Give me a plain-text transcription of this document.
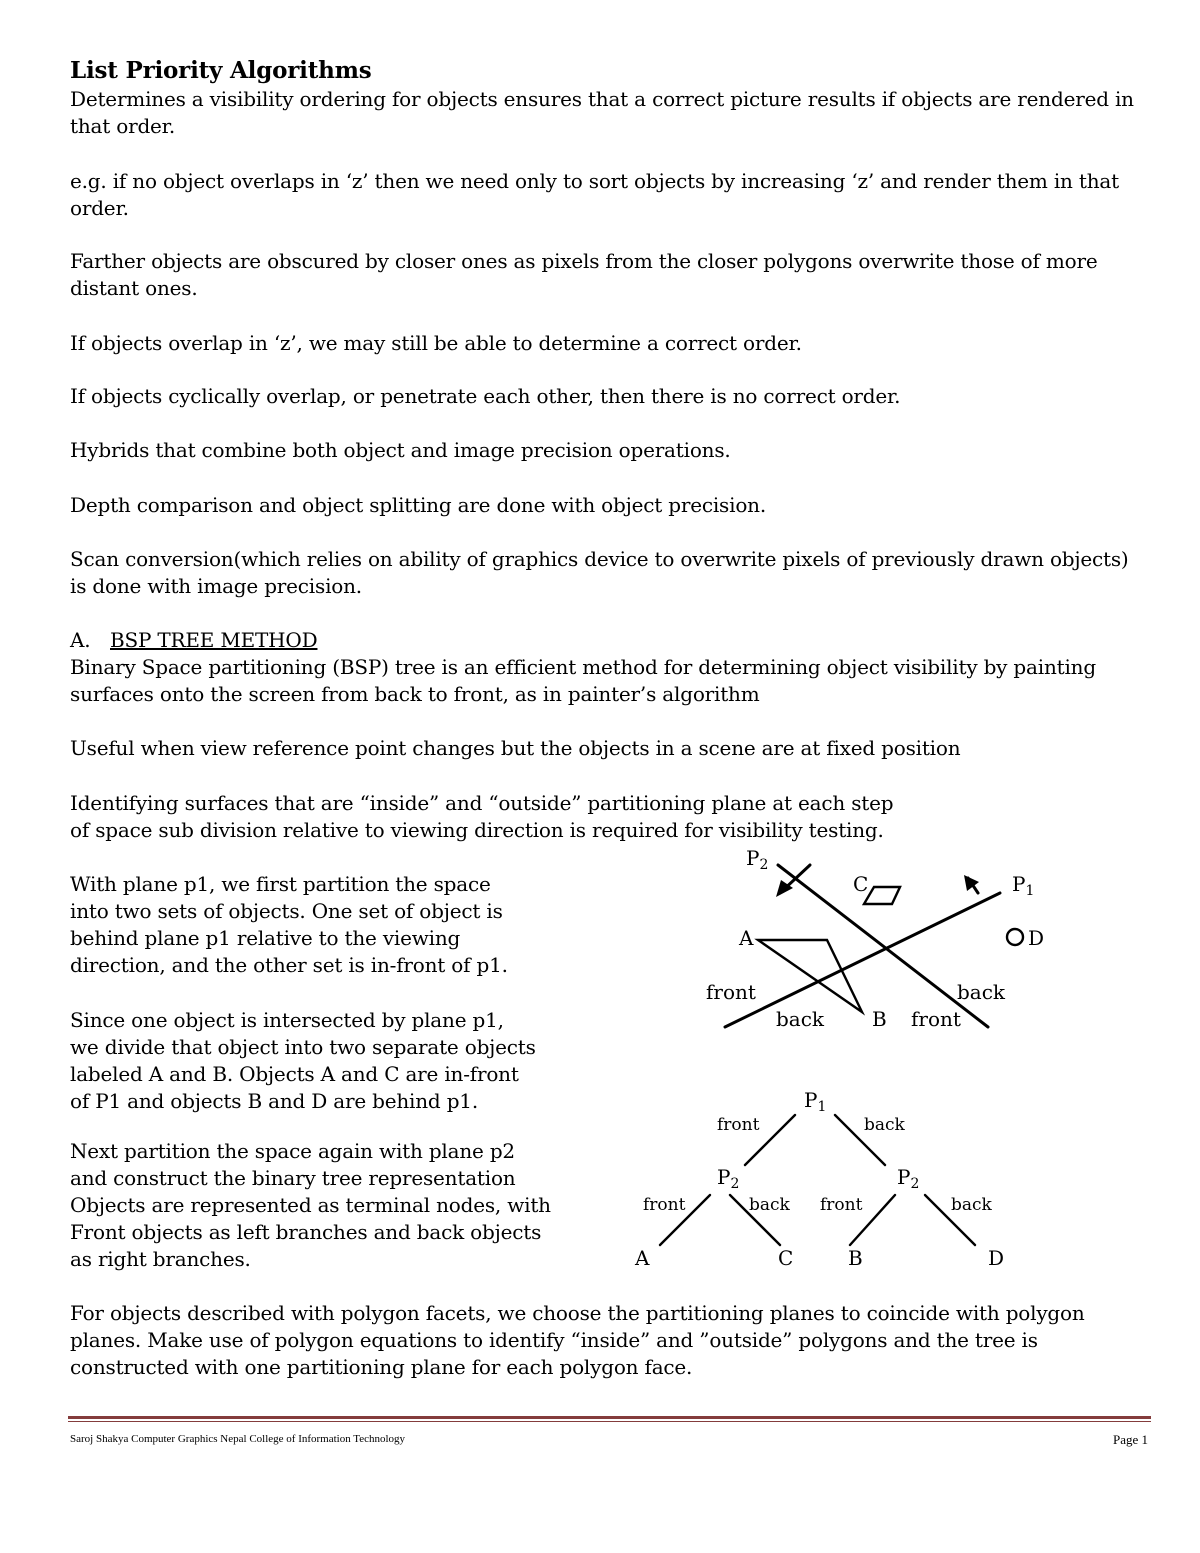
List Priority Algorithms
Determines a visibility ordering for objects ensures that a correct picture results if objects are rendered in
that order.
e.g. if no object overlaps in ‘z’ then we need only to sort objects by increasing ‘z’ and render them in that
order.
Farther objects are obscured by closer ones as pixels from the closer polygons overwrite those of more
distant ones.
If objects overlap in ‘z’, we may still be able to determine a correct order.
If objects cyclically overlap, or penetrate each other, then there is no correct order.
Hybrids that combine both object and image precision operations.
Depth comparison and object splitting are done with object precision.
Scan conversion(which relies on ability of graphics device to overwrite pixels of previously drawn objects)
is done with image precision.
A. BSP TREE METHOD
Binary Space partitioning (BSP) tree is an efficient method for determining object visibility by painting
surfaces onto the screen from back to front, as in painter’s algorithm
Useful when view reference point changes but the objects in a scene are at fixed position
Identifying surfaces that are “inside” and “outside” partitioning plane at each step
of space sub division relative to viewing direction is required for visibility testing.
With plane p1, we first partition the space
into two sets of objects. One set of object is
behind plane p1 relative to the viewing
direction, and the other set is in-front of p1.
Since one object is intersected by plane p1,
we divide that object into two separate objects
labeled A and B. Objects A and C are in-front
of P1 and objects B and D are behind p1.
Next partition the space again with plane p2
and construct the binary tree representation
Objects are represented as terminal nodes, with
Front objects as left branches and back objects
as right branches.
For objects described with polygon facets, we choose the partitioning planes to coincide with polygon
planes. Make use of polygon equations to identify “inside” and ”outside” polygons and the tree is
constructed with one partitioning plane for each polygon face.
$P_2$
C	$P_1$
A	D
front	back
back B front
$P_1$
$P_2$	$P_2$
A	C	B	D
front	back
front	back front	back
Saroj Shakya Computer Graphics Nepal College of Information Technology	Page 1
